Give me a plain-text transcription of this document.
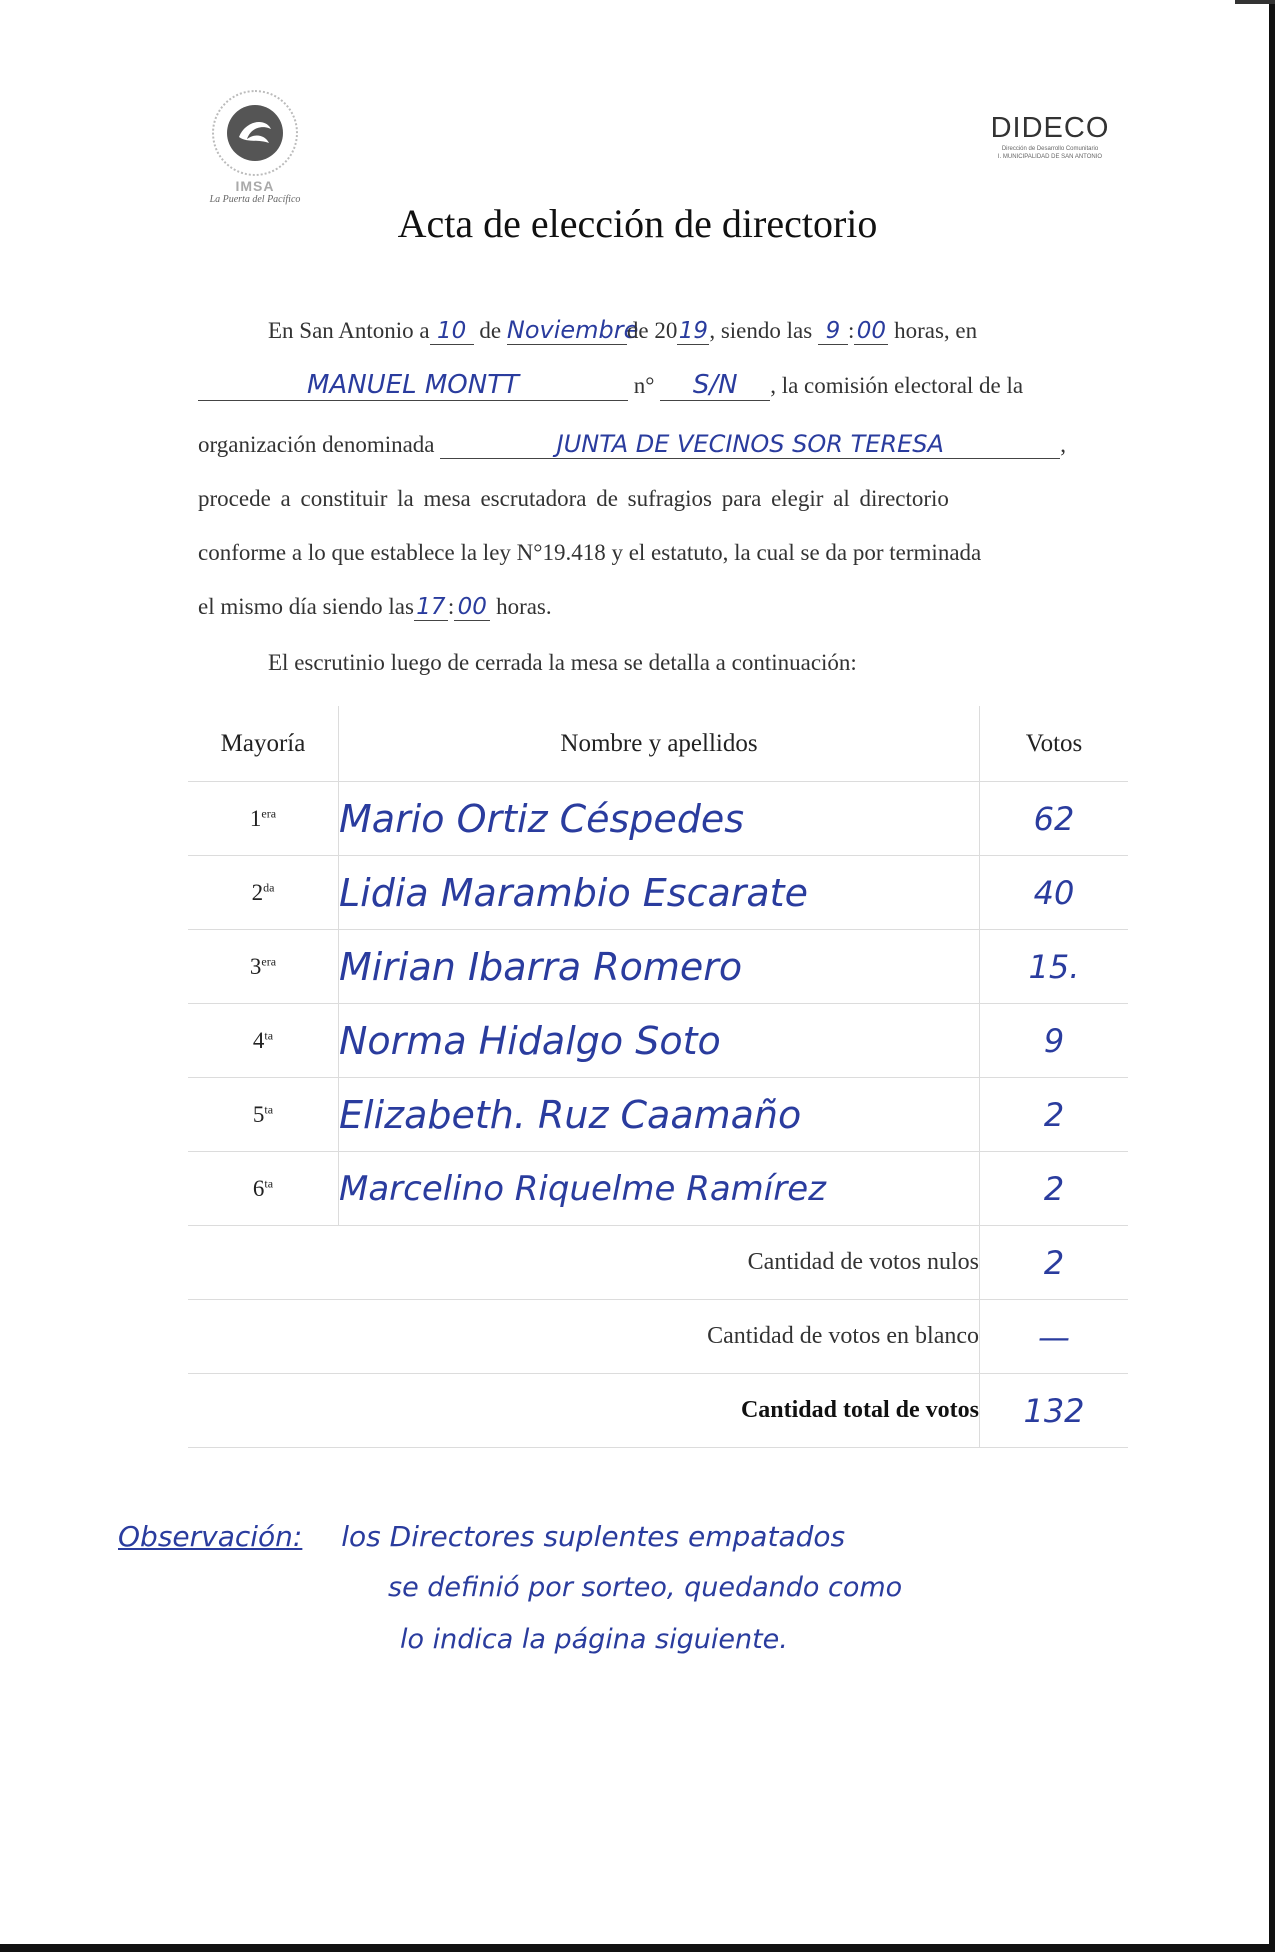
IMSA
La Puerta del Pacífico
DIDECO
Dirección de Desarrollo Comunitario
I. MUNICIPALIDAD DE SAN ANTONIO
Acta de elección de directorio
En San Antonio a 10 de Noviembrede 2019, siendo las 9 : 00 horas, en
MANUEL MONTT	n° S/N , la comisión electoral de la
organización denominada	JUNTA DE VECINOS SOR TERESA	,
procede a constituir la mesa escrutadora de sufragios para elegir al directorio
conforme a lo que establece la ley N°19.418 y el estatuto, la cual se da por terminada
el mismo día siendo las 17 : 00 horas.
El escrutinio luego de cerrada la mesa se detalla a continuación:
Mayoría	Nombre y apellidos	Votos
$1^{era}$	Mario Ortiz Céspedes	62
$2^{da}$	Lidia Marambio Escarate	40
$3^{era}$	Mirian Ibarra Romero	15.
$4^{ta}$	Norma Hidalgo Soto	9
$5^{ta}$	Elizabeth. Ruz Caamaño	2
$6^{ta}$	Marcelino Riquelme Ramírez	2
Cantidad de votos nulos		2
Cantidad de votos en blanco		—
Cantidad total de votos		132
Observación: los Directores suplentes empatados
se definió por sorteo, quedando como
lo indica la página siguiente.
